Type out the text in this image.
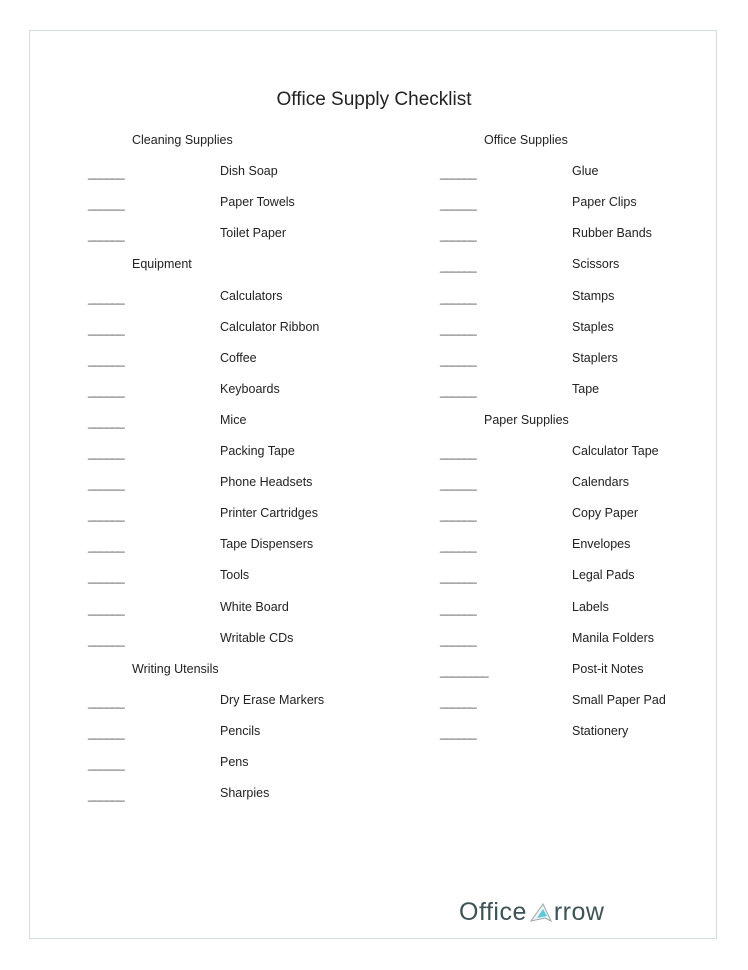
Office Supply Checklist
Cleaning Supplies
______	Dish Soap
______	Paper Towels
______	Toilet Paper
Equipment
______	Calculators
______	Calculator Ribbon
______	Coffee
______	Keyboards
______	Mice
______	Packing Tape
______	Phone Headsets
______	Printer Cartridges
______	Tape Dispensers
______	Tools
______	White Board
______	Writable CDs
Writing Utensils
______	Dry Erase Markers
______	Pencils
______	Pens
______	Sharpies
Office Supplies
______	Glue
______	Paper Clips
______	Rubber Bands
______	Scissors
______	Stamps
______	Staples
______	Staplers
______	Tape
Paper Supplies
______	Calculator Tape
______	Calendars
______	Copy Paper
______	Envelopes
______	Legal Pads
______	Labels
______	Manila Folders
________	Post-it Notes
______	Small Paper Pad
______	Stationery
Office rrow
